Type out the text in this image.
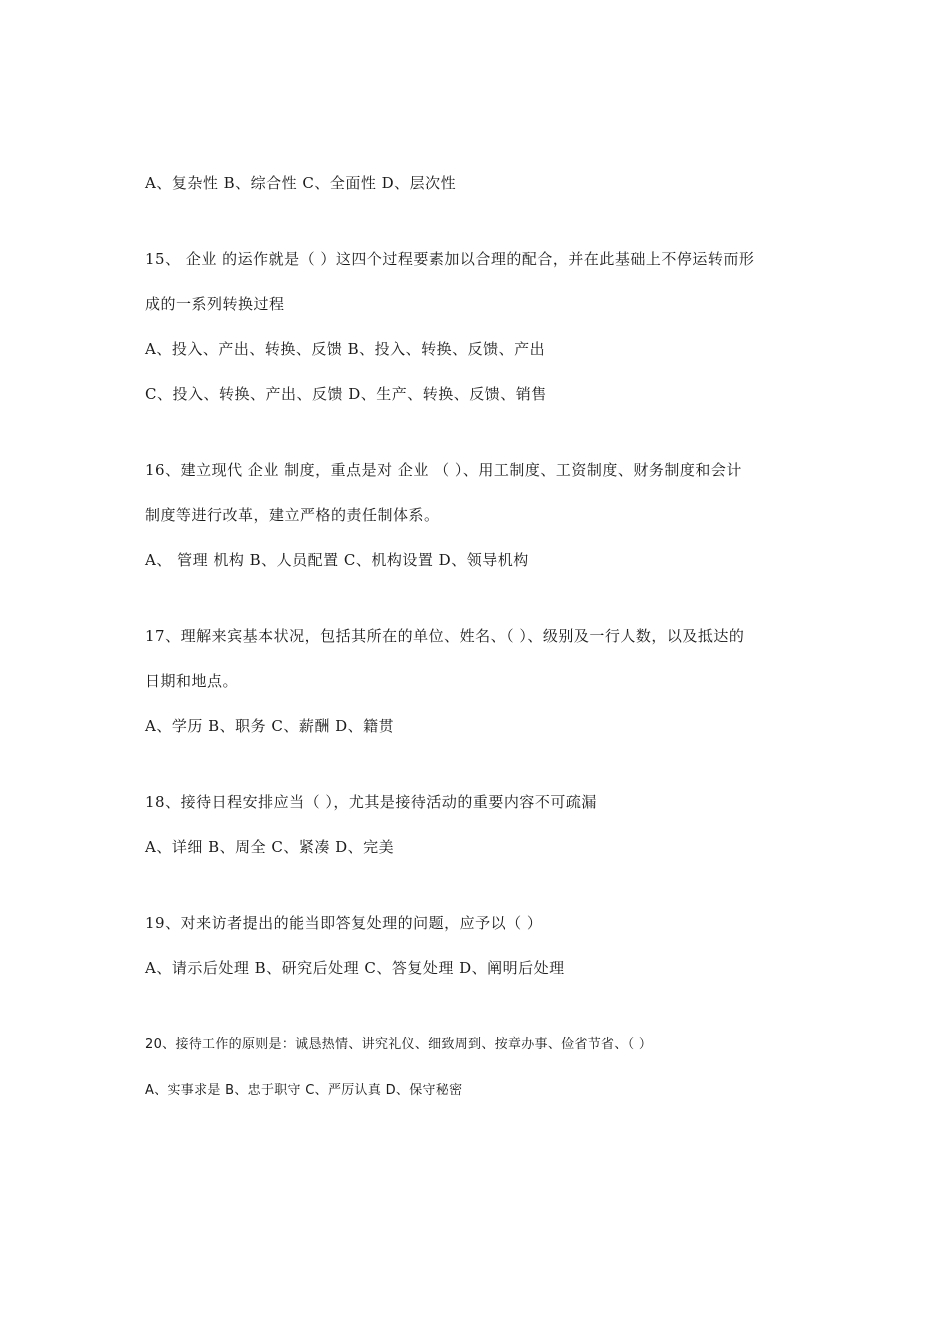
A、复杂性 B、综合性 C、全面性 D、层次性
15、 企业 的运作就是（ ）这四个过程要素加以合理的配合，并在此基础上不停运转而形
成的一系列转换过程
A、投入、产出、转换、反馈 B、投入、转换、反馈、产出
C、投入、转换、产出、反馈 D、生产、转换、反馈、销售
16、建立现代 企业 制度，重点是对 企业 （ ）、用工制度、工资制度、财务制度和会计
制度等进行改革，建立严格的责任制体系。
A、 管理 机构 B、人员配置 C、机构设置 D、领导机构
17、理解来宾基本状况，包括其所在的单位、姓名、（ ）、级别及一行人数，以及抵达的
日期和地点。
A、学历 B、职务 C、薪酬 D、籍贯
18、接待日程安排应当（ ），尤其是接待活动的重要内容不可疏漏
A、详细 B、周全 C、紧凑 D、完美
19、对来访者提出的能当即答复处理的问题，应予以（ ）
A、请示后处理 B、研究后处理 C、答复处理 D、阐明后处理
20、接待工作的原则是：诚恳热情、讲究礼仪、细致周到、按章办事、俭省节省、（ ）
A、实事求是 B、忠于职守 C、严厉认真 D、保守秘密
